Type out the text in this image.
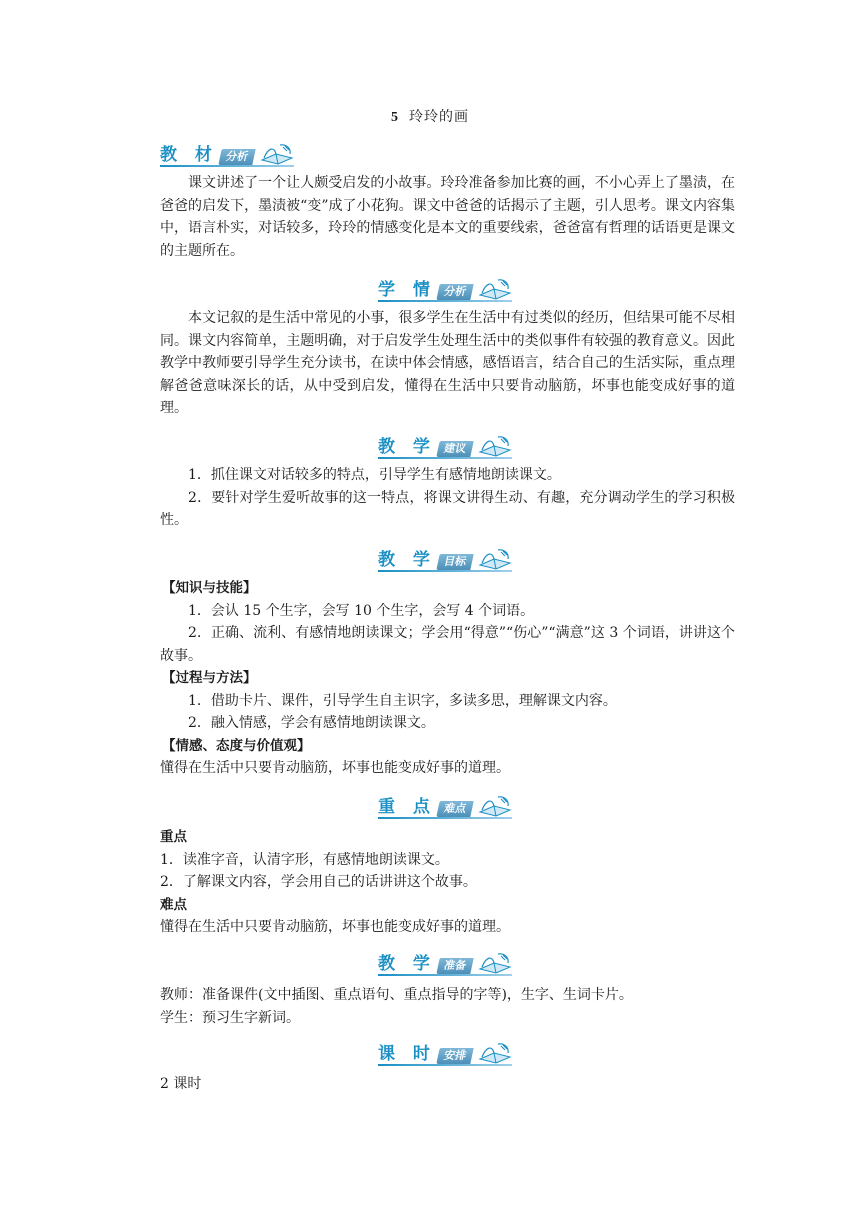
5 玲玲的画
教 材 分析

课文讲述了一个让人颇受启发的小故事。玲玲准备参加比赛的画，不小心弄上了墨渍，在爸爸的启发下，墨渍被“变”成了小花狗。课文中爸爸的话揭示了主题，引人思考。课文内容集中，语言朴实，对话较多，玲玲的情感变化是本文的重要线索，爸爸富有哲理的话语更是课文的主题所在。

学 情 分析

本文记叙的是生活中常见的小事，很多学生在生活中有过类似的经历，但结果可能不尽相同。课文内容简单，主题明确，对于启发学生处理生活中的类似事件有较强的教育意义。因此教学中教师要引导学生充分读书，在读中体会情感，感悟语言，结合自己的生活实际，重点理解爸爸意味深长的话，从中受到启发，懂得在生活中只要肯动脑筋，坏事也能变成好事的道理。

教 学 建议

1．抓住课文对话较多的特点，引导学生有感情地朗读课文。

2．要针对学生爱听故事的这一特点，将课文讲得生动、有趣，充分调动学生的学习积极性。

教 学 目标

【知识与技能】

1．会认 15 个生字，会写 10 个生字，会写 4 个词语。

2．正确、流利、有感情地朗读课文；学会用“得意”“伤心”“满意”这 3 个词语，讲讲这个故事。

【过程与方法】

1．借助卡片、课件，引导学生自主识字，多读多思，理解课文内容。

2．融入情感，学会有感情地朗读课文。

【情感、态度与价值观】

懂得在生活中只要肯动脑筋，坏事也能变成好事的道理。

重 点 难点

重点

1．读准字音，认清字形，有感情地朗读课文。

2．了解课文内容，学会用自己的话讲讲这个故事。

难点

懂得在生活中只要肯动脑筋，坏事也能变成好事的道理。

教 学 准备

教师：准备课件(文中插图、重点语句、重点指导的字等)，生字、生词卡片。

学生：预习生字新词。

课 时 安排

2 课时
